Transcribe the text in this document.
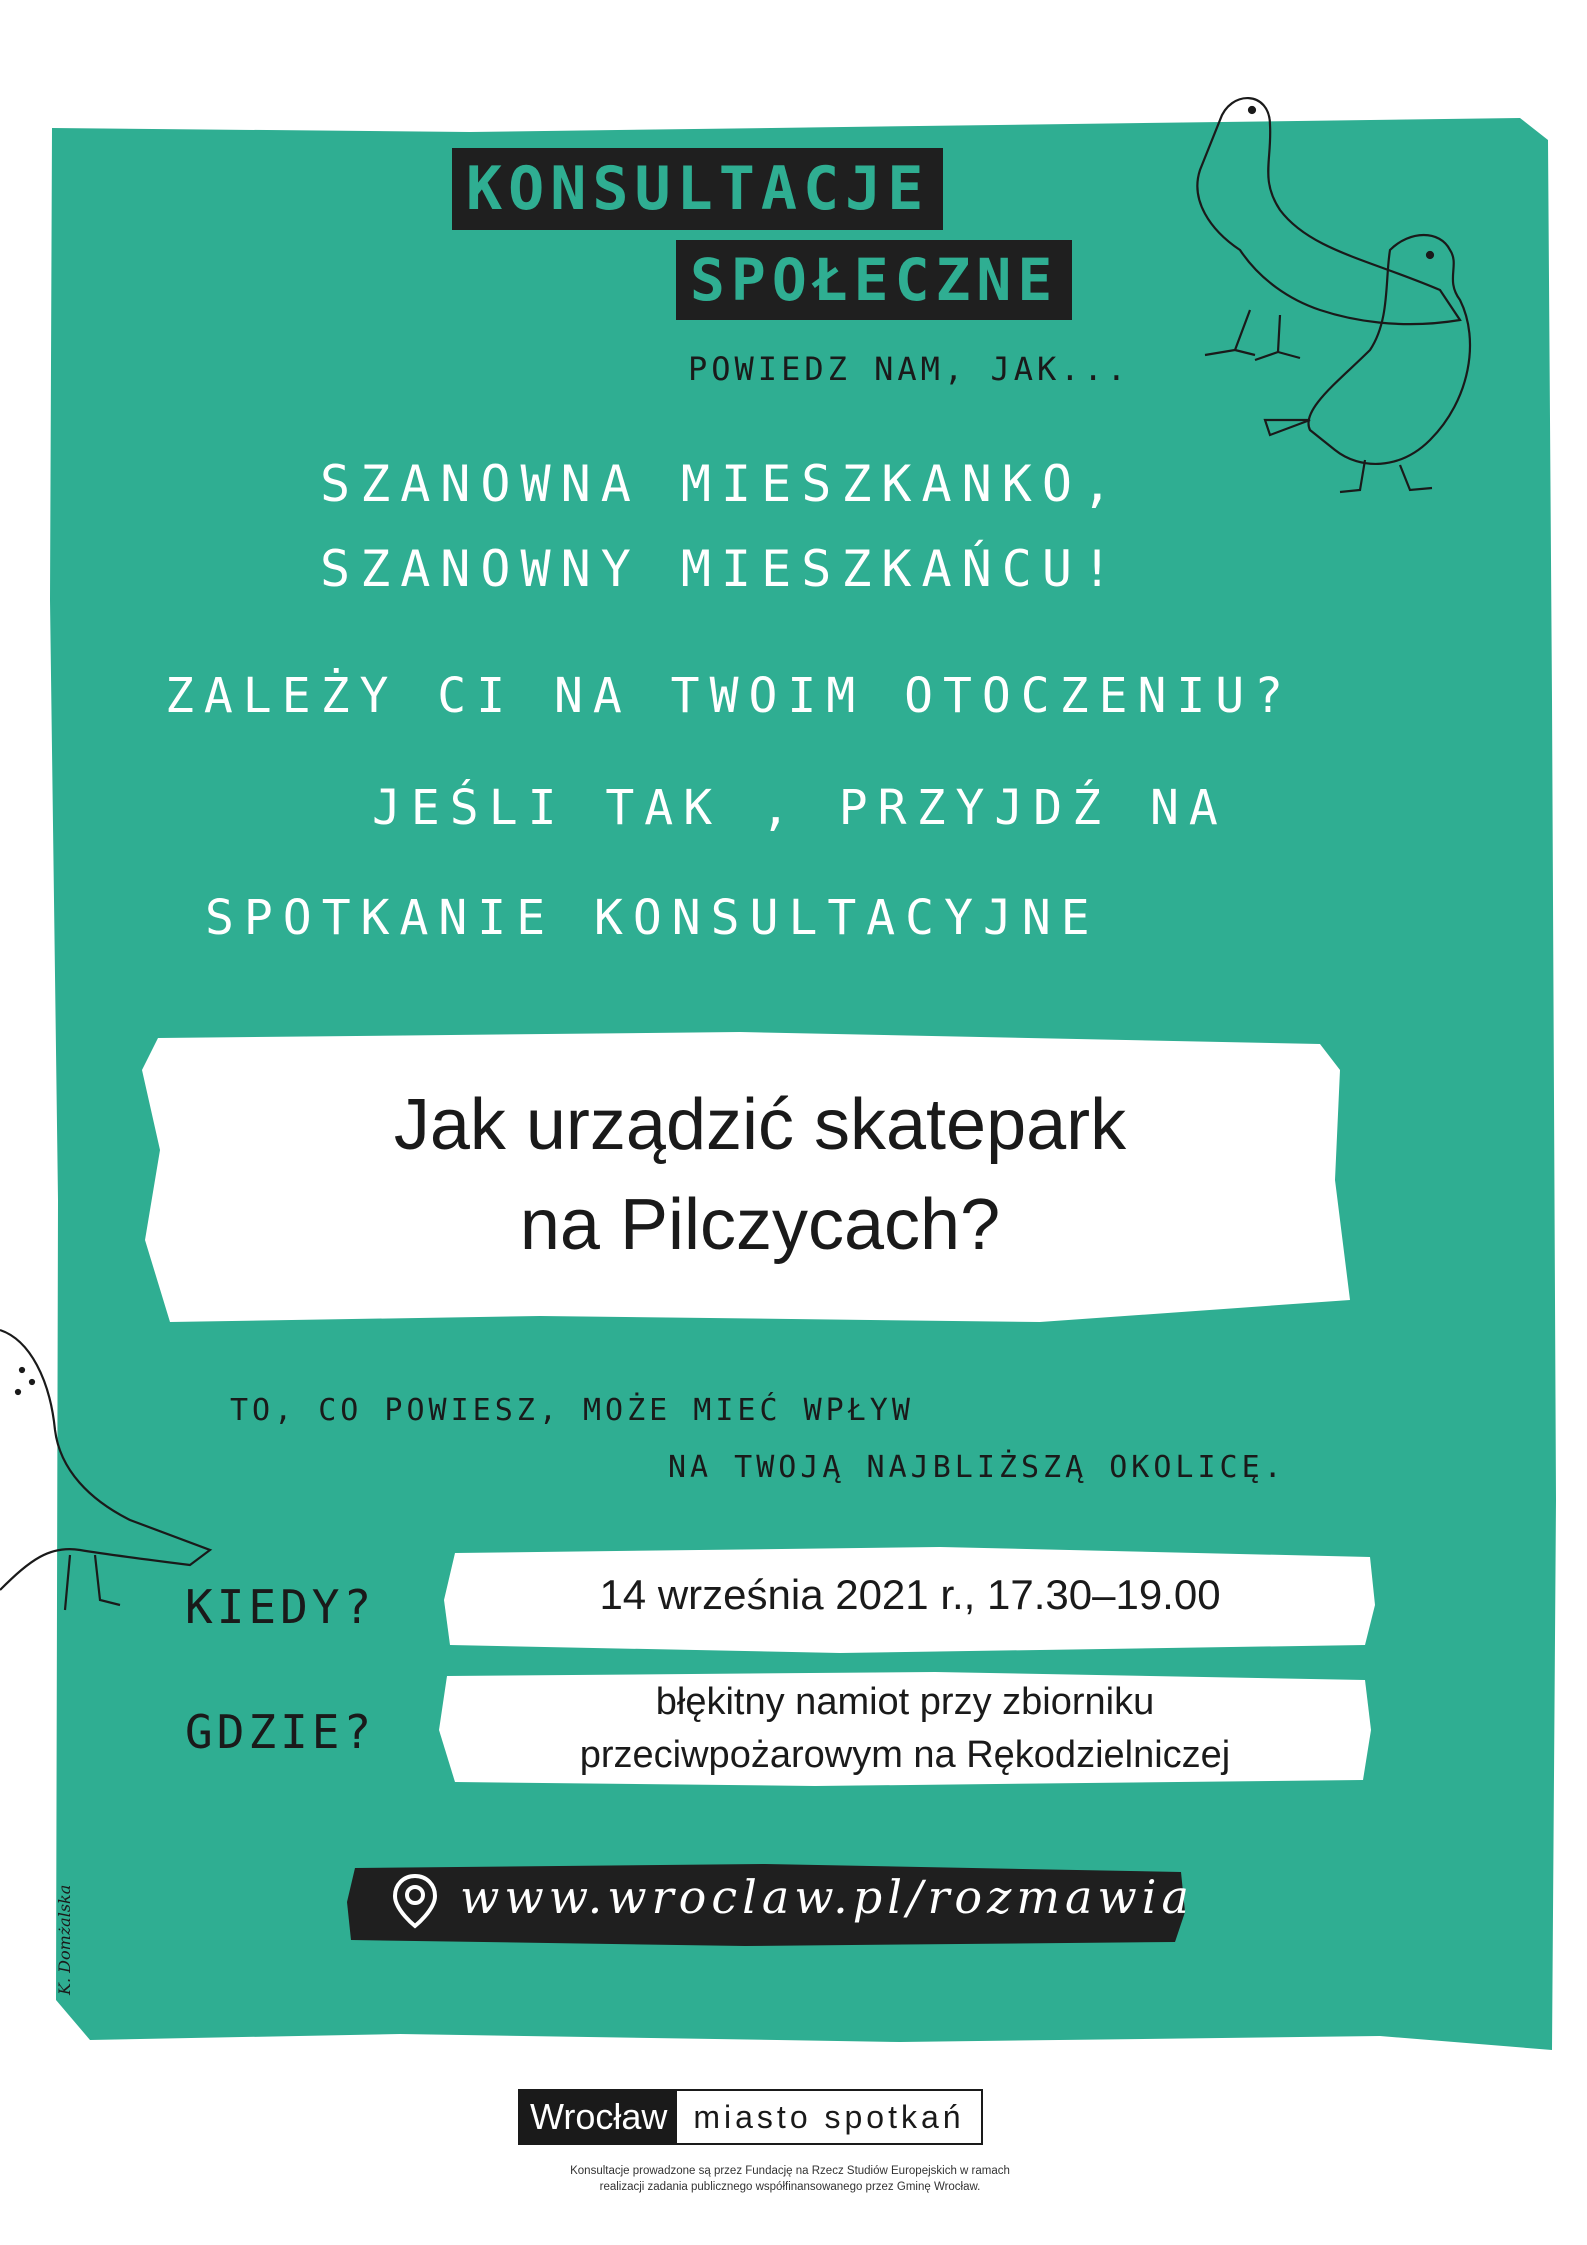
KONSULTACJE
SPOŁECZNE
POWIEDZ NAM, JAK...
SZANOWNA MIESZKANKO,
SZANOWNY MIESZKAŃCU!
ZALEŻY CI NA TWOIM OTOCZENIU?
JEŚLI TAK , PRZYJDŹ NA
SPOTKANIE KONSULTACYJNE
Jak urządzić skatepark
na Pilczycach?
TO, CO POWIESZ, MOŻE MIEĆ WPŁYW
NA TWOJĄ NAJBLIŻSZĄ OKOLICĘ.
KIEDY?	14 września 2021 r., 17.30–19.00
GDZIE?
błękitny namiot przy zbiorniku
przeciwpożarowym na Rękodzielniczej
www.wroclaw.pl/rozmawia
K. Domżalska
Wrocław miasto spotkań
Konsultacje prowadzone są przez Fundację na Rzecz Studiów Europejskich w ramach
realizacji zadania publicznego współfinansowanego przez Gminę Wrocław.
